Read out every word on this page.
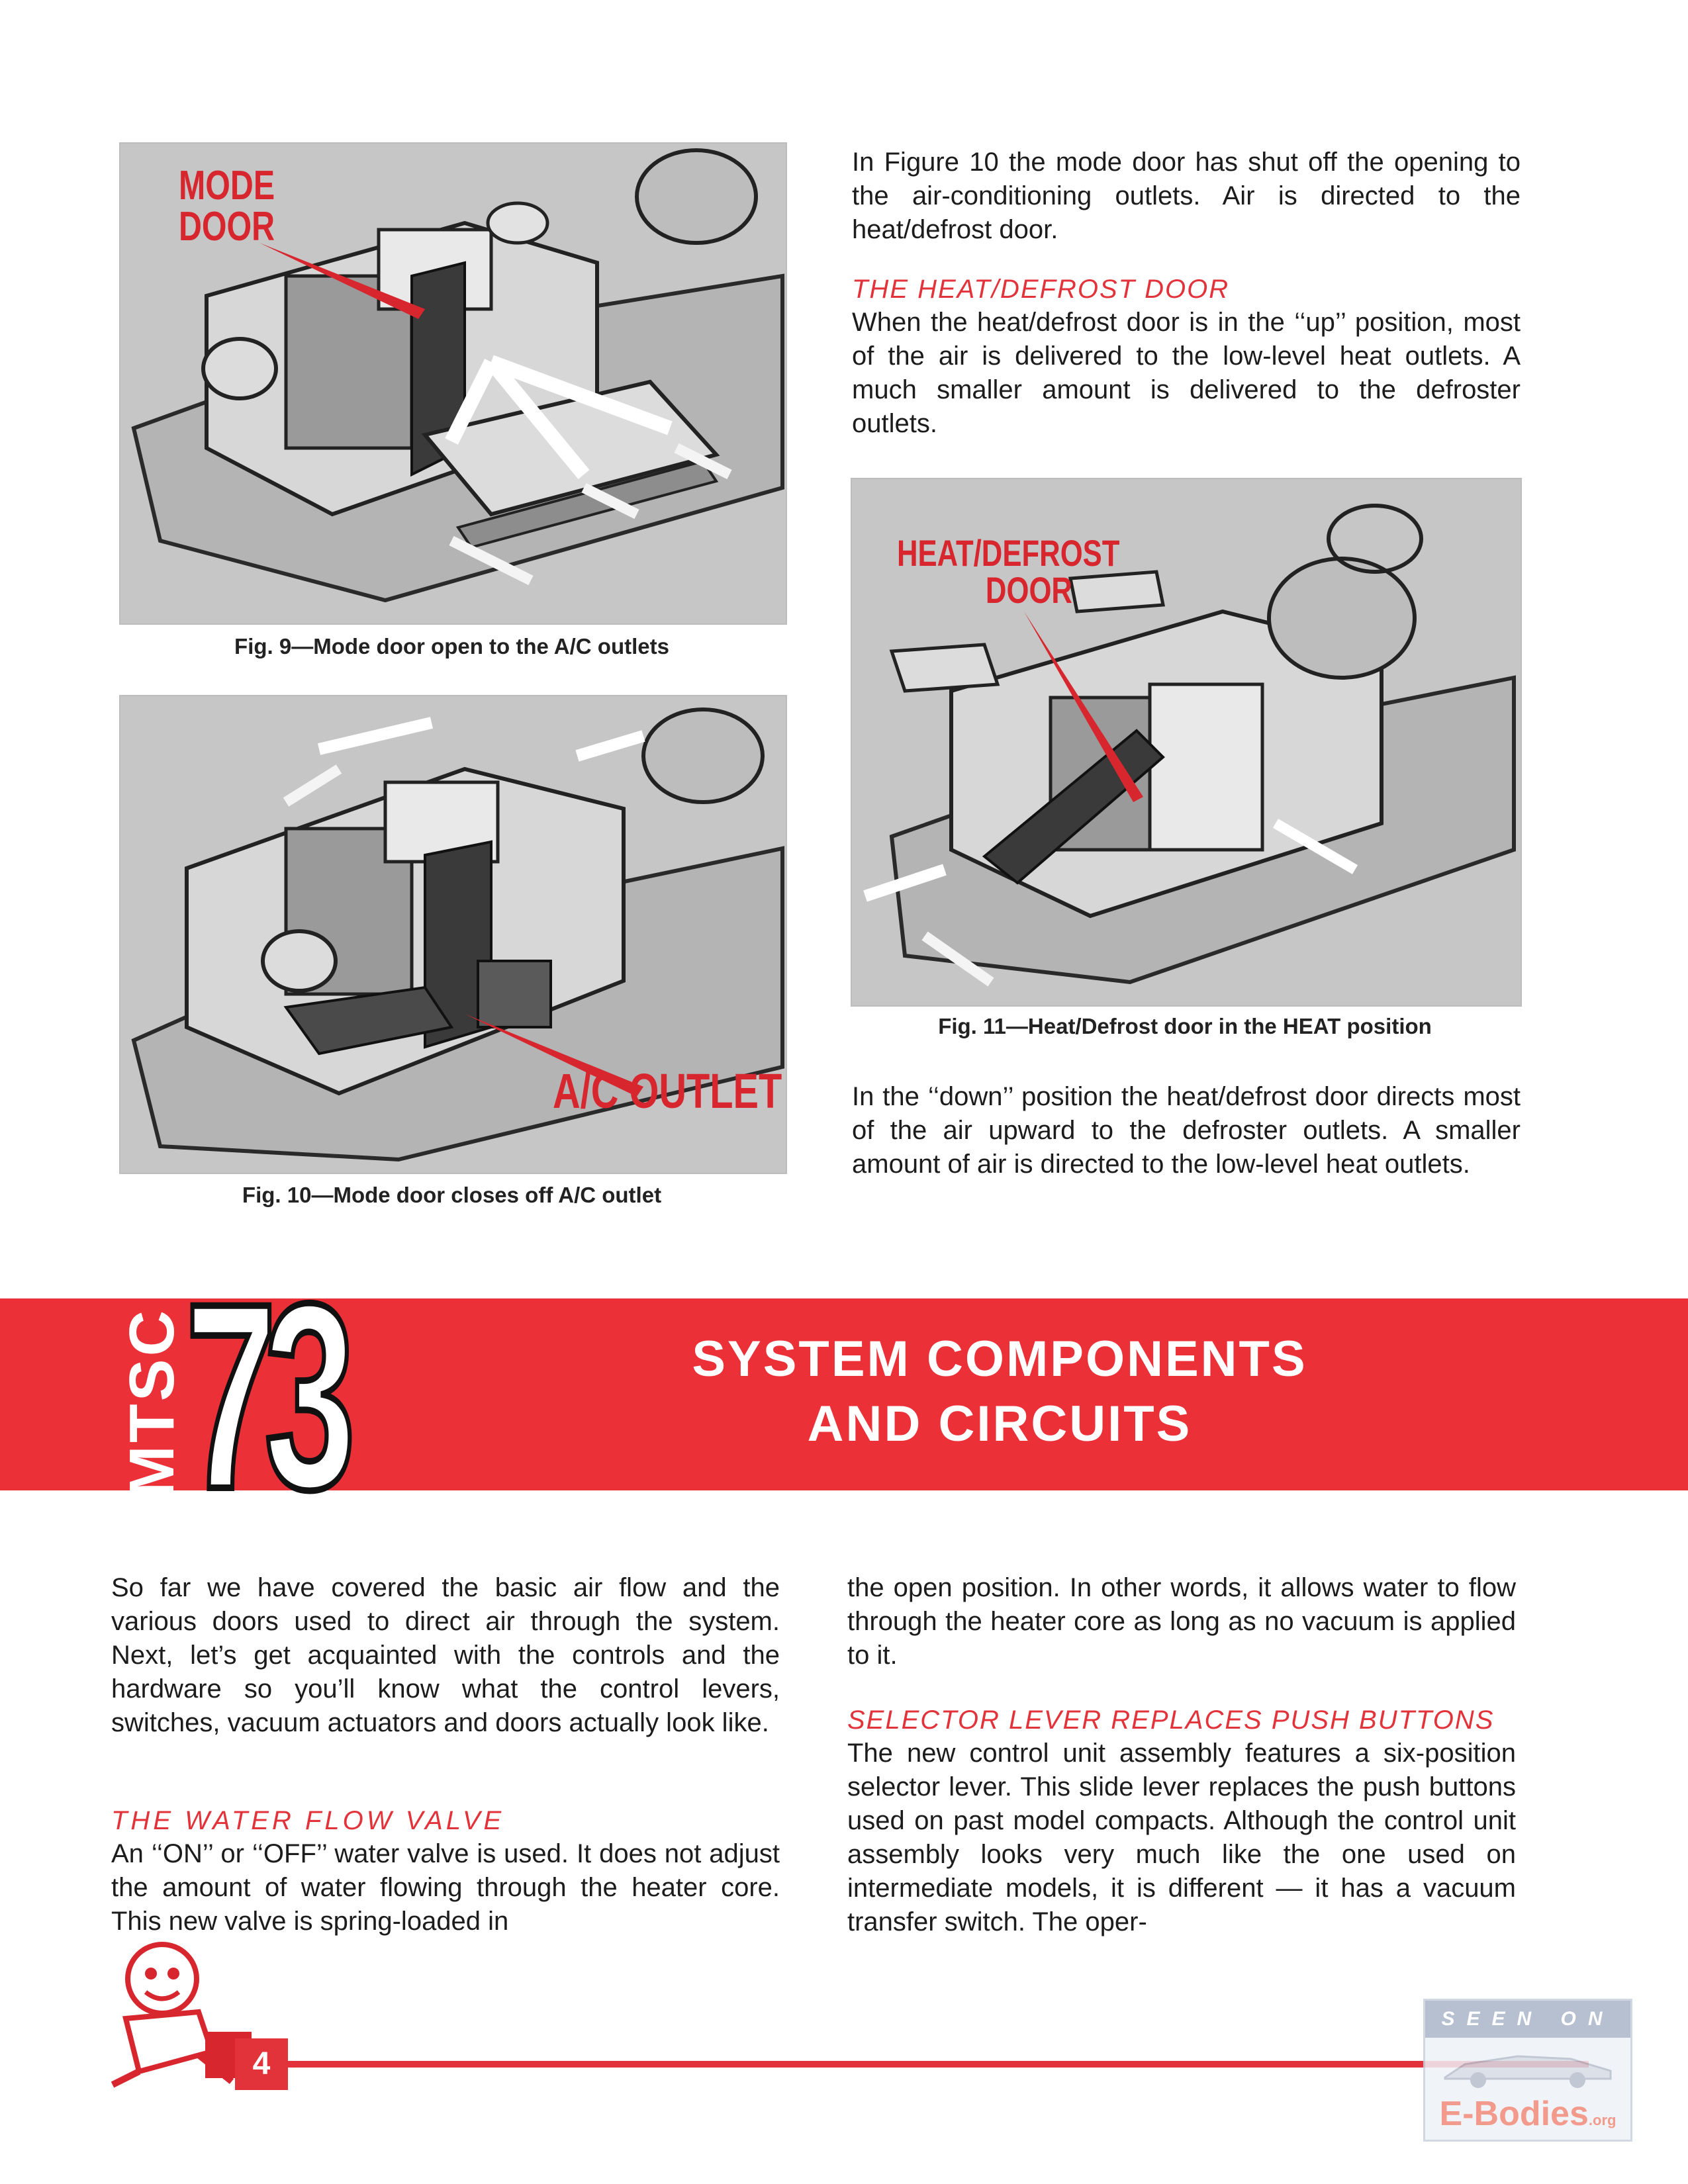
MODE
DOOR
Fig. 9—Mode door open to the A/C outlets
A/C OUTLET
Fig. 10—Mode door closes off A/C outlet
In Figure 10 the mode door has shut off the opening to the air-conditioning outlets. Air is directed to the heat/defrost door.
THE HEAT/DEFROST DOOR
When the heat/defrost door is in the ‘‘up’’ position, most of the air is delivered to the low-level heat outlets. A much smaller amount is delivered to the defroster outlets.
HEAT/DEFROST
DOOR
Fig. 11—Heat/Defrost door in the HEAT position
In the ‘‘down’’ position the heat/defrost door directs most of the air upward to the defroster outlets. A smaller amount of air is directed to the low-level heat outlets.
MTSC
73	SYSTEM COMPONENTS
AND CIRCUITS
So far we have covered the basic air flow and the various doors used to direct air through the system. Next, let’s get acquainted with the controls and the hardware so you’ll know what the control levers, switches, vacuum actuators and doors actually look like.
THE WATER FLOW VALVE
An ‘‘ON’’ or ‘‘OFF’’ water valve is used. It does not adjust the amount of water flowing through the heater core. This new valve is spring-loaded in
the open position. In other words, it allows water to flow through the heater core as long as no vacuum is applied to it.
SELECTOR LEVER REPLACES PUSH BUTTONS
The new control unit assembly features a six-position selector lever. This slide lever replaces the push buttons used on past model compacts. Although the control unit assembly looks very much like the one used on intermediate models, it is different — it has a vacuum transfer switch. The oper-
4
SEEN ON
E-Bodies.org
